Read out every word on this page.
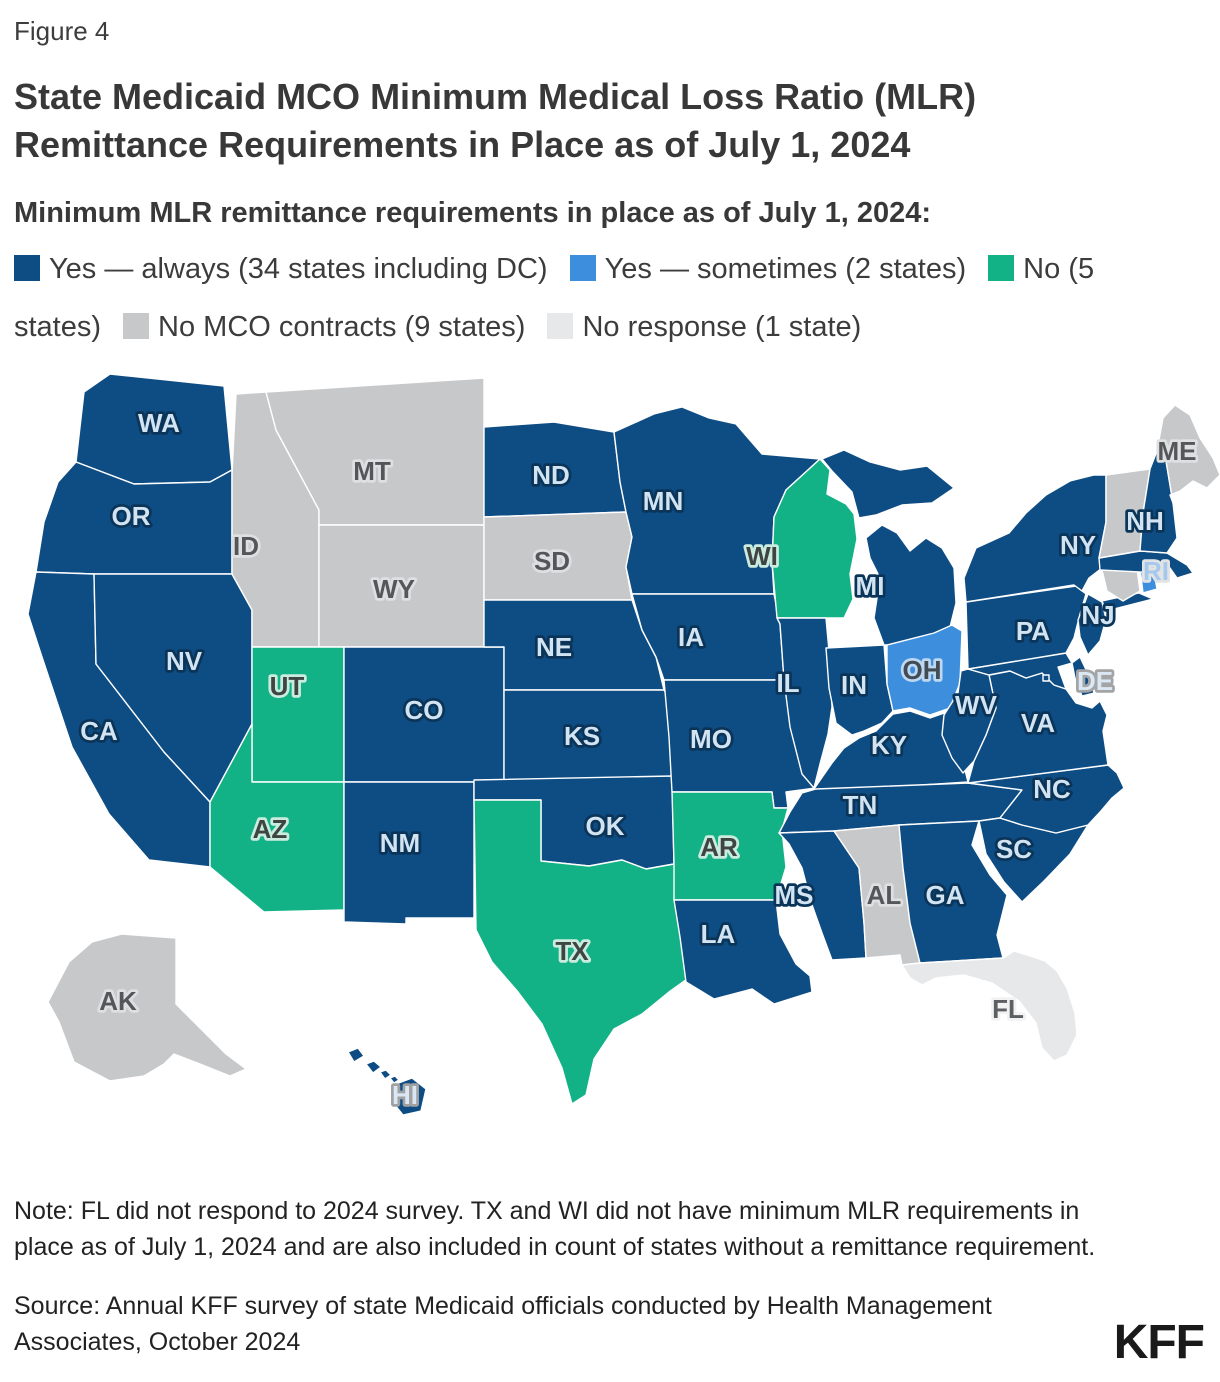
Figure 4
State Medicaid MCO Minimum Medical Loss Ratio (MLR) Remittance Requirements in Place as of July 1, 2024
Minimum MLR remittance requirements in place as of July 1, 2024:
Yes — always (34 states including DC) Yes — sometimes (2 states) No (5 states) No MCO contracts (9 states) No response (1 state)
WA
OR
CA
NV
ID
MT
WY
UT
CO
AZ	NM
ND
SD
NE
KS
OK
TX
MN
IA
MO
AR
LA
WI
IL IN
MI
OH
KY
TN
MS AL GA
FL
SC
NC
VA
WV
DE
PA
NJ
NY
RI
NH
ME
AK
HI
Note: FL did not respond to 2024 survey. TX and WI did not have minimum MLR requirements in place as of July 1, 2024 and are also included in count of states without a remittance requirement.
Source: Annual KFF survey of state Medicaid officials conducted by Health Management Associates, October 2024	KFF
